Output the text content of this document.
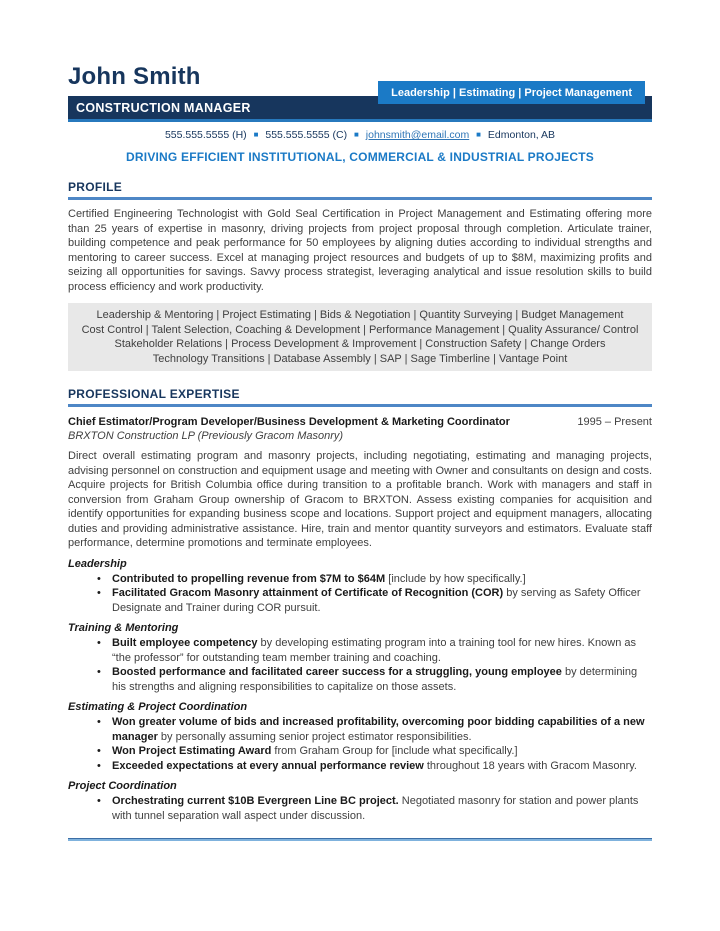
John Smith
Leadership | Estimating | Project Management
CONSTRUCTION MANAGER
555.555.5555 (H) ■ 555.555.5555 (C) ■ johnsmith@email.com ■ Edmonton, AB
DRIVING EFFICIENT INSTITUTIONAL, COMMERCIAL & INDUSTRIAL PROJECTS
PROFILE
Certified Engineering Technologist with Gold Seal Certification in Project Management and Estimating offering more than 25 years of expertise in masonry, driving projects from project proposal through completion. Articulate trainer, building competence and peak performance for 50 employees by aligning duties according to individual strengths and mentoring to career success. Excel at managing project resources and budgets of up to $8M, maximizing profits and seizing all opportunities for savings. Savvy process strategist, leveraging analytical and issue resolution skills to build process efficiency and work productivity.
Leadership & Mentoring | Project Estimating | Bids & Negotiation | Quantity Surveying | Budget Management
Cost Control | Talent Selection, Coaching & Development | Performance Management | Quality Assurance/ Control
Stakeholder Relations | Process Development & Improvement | Construction Safety | Change Orders
Technology Transitions | Database Assembly | SAP | Sage Timberline | Vantage Point
PROFESSIONAL EXPERTISE
Chief Estimator/Program Developer/Business Development & Marketing Coordinator	1995 – Present
BRXTON Construction LP (Previously Gracom Masonry)
Direct overall estimating program and masonry projects, including negotiating, estimating and managing projects, advising personnel on construction and equipment usage and meeting with Owner and consultants on design and costs. Acquire projects for British Columbia office during transition to a profitable branch. Work with managers and staff in conversion from Graham Group ownership of Gracom to BRXTON. Assess existing companies for acquisition and identify opportunities for expanding business scope and locations. Support project and equipment managers, allocating duties and providing administrative assistance. Hire, train and mentor quantity surveyors and estimators. Evaluate staff performance, determine promotions and terminate employees.
Leadership
• Contributed to propelling revenue from $7M to $64M [include by how specifically.]
• Facilitated Gracom Masonry attainment of Certificate of Recognition (COR) by serving as Safety Officer Designate and Trainer during COR pursuit.
Training & Mentoring
• Built employee competency by developing estimating program into a training tool for new hires. Known as “the professor” for outstanding team member training and coaching.
• Boosted performance and facilitated career success for a struggling, young employee by determining his strengths and aligning responsibilities to capitalize on those assets.
Estimating & Project Coordination
• Won greater volume of bids and increased profitability, overcoming poor bidding capabilities of a new manager by personally assuming senior project estimator responsibilities.
• Won Project Estimating Award from Graham Group for [include what specifically.]
• Exceeded expectations at every annual performance review throughout 18 years with Gracom Masonry.
Project Coordination
• Orchestrating current $10B Evergreen Line BC project. Negotiated masonry for station and power plants with tunnel separation wall aspect under discussion.
